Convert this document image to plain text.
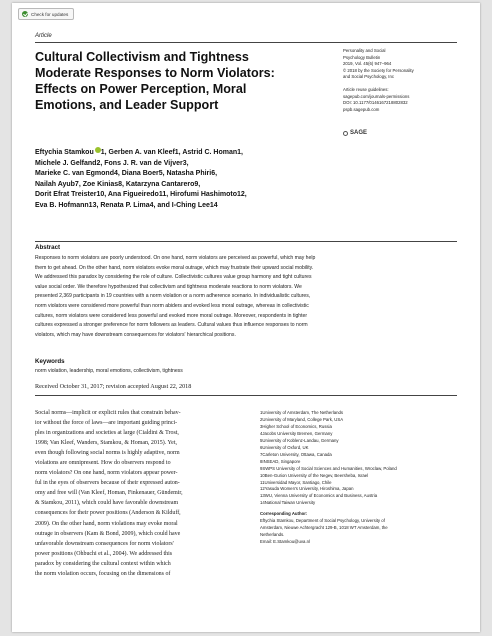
Check for updates
Article
Cultural Collectivism and Tightness
Moderate Responses to Norm Violators:
Effects on Power Perception, Moral
Emotions, and Leader Support
Personality and Social
Psychology Bulletin
2019, Vol. 45(6) 947–964
© 2018 by the Society for Personality
and Social Psychology, Inc
Article reuse guidelines:
sagepub.com/journals-permissions
DOI: 10.1177/0146167218802832
pspb.sagepub.com
SAGE
Eftychia Stamkou 1, Gerben A. van Kleef1, Astrid C. Homan1,
Michele J. Gelfand2, Fons J. R. van de Vijver3,
Marieke C. van Egmond4, Diana Boer5, Natasha Phiri6,
Nailah Ayub7, Zoe Kinias8, Katarzyna Cantarero9,
Dorit Efrat Treister10, Ana Figueiredo11, Hirofumi Hashimoto12,
Eva B. Hofmann13, Renata P. Lima4, and I-Ching Lee14
Abstract
Responses to norm violators are poorly understood. On one hand, norm violators are perceived as powerful, which may help
them to get ahead. On the other hand, norm violators evoke moral outrage, which may frustrate their upward social mobility.
We addressed this paradox by considering the role of culture. Collectivistic cultures value group harmony and tight cultures
value social order. We therefore hypothesized that collectivism and tightness moderate reactions to norm violators. We
presented 2,369 participants in 19 countries with a norm violation or a norm adherence scenario. In individualistic cultures,
norm violators were considered more powerful than norm abiders and evoked less moral outrage, whereas in collectivistic
cultures, norm violators were considered less powerful and evoked more moral outrage. Moreover, respondents in tighter
cultures expressed a stronger preference for norm followers as leaders. Cultural values thus influence responses to norm
violators, which may have downstream consequences for violators' hierarchical positions.
Keywords
norm violation, leadership, moral emotions, collectivism, tightness
Received October 31, 2017; revision accepted August 22, 2018
Social norms—implicit or explicit rules that constrain behav-
ior without the force of laws—are important guiding princi-
ples in organizations and societies at large (Cialdini & Trost,
1998; Van Kleef, Wanders, Stamkou, & Homan, 2015). Yet,
even though following social norms is highly adaptive, norm
violations are omnipresent. How do observers respond to
norm violators? On one hand, norm violators appear power-
ful in the eyes of observers because of their expressed auton-
omy and free will (Van Kleef, Homan, Finkenauer, Gündemir,
& Stamkou, 2011), which could have favorable downstream
consequences for their power positions (Anderson & Kilduff,
2009). On the other hand, norm violations may evoke moral
outrage in observers (Kam & Bond, 2009), which could have
unfavorable downstream consequences for norm violators'
power positions (Ohbuchi et al., 2004). We addressed this
paradox by considering the cultural context within which
the norm violation occurs, focusing on the dimensions of
1University of Amsterdam, The Netherlands
2University of Maryland, College Park, USA
3Higher School of Economics, Russia
4Jacobs University Bremen, Germany
5University of Koblenz-Landau, Germany
6University of Oxford, UK
7Carleton University, Ottawa, Canada
8INSEAD, Singapore
9SWPS University of Social Sciences and Humanities, Wroclaw, Poland
10Ben-Gurion University of the Negev, Beersheba, Israel
11Universidad Mayor, Santiago, Chile
12Yasuda Women's University, Hiroshima, Japan
13WU, Vienna University of Economics and Business, Austria
14National Taiwan University
Corresponding Author:
Eftychia Stamkou, Department of Social Psychology, University of
Amsterdam, Nieuwe Achtergracht 129-B, 1018 WT Amsterdam, the
Netherlands.
Email: E.Stamkou@uva.nl
